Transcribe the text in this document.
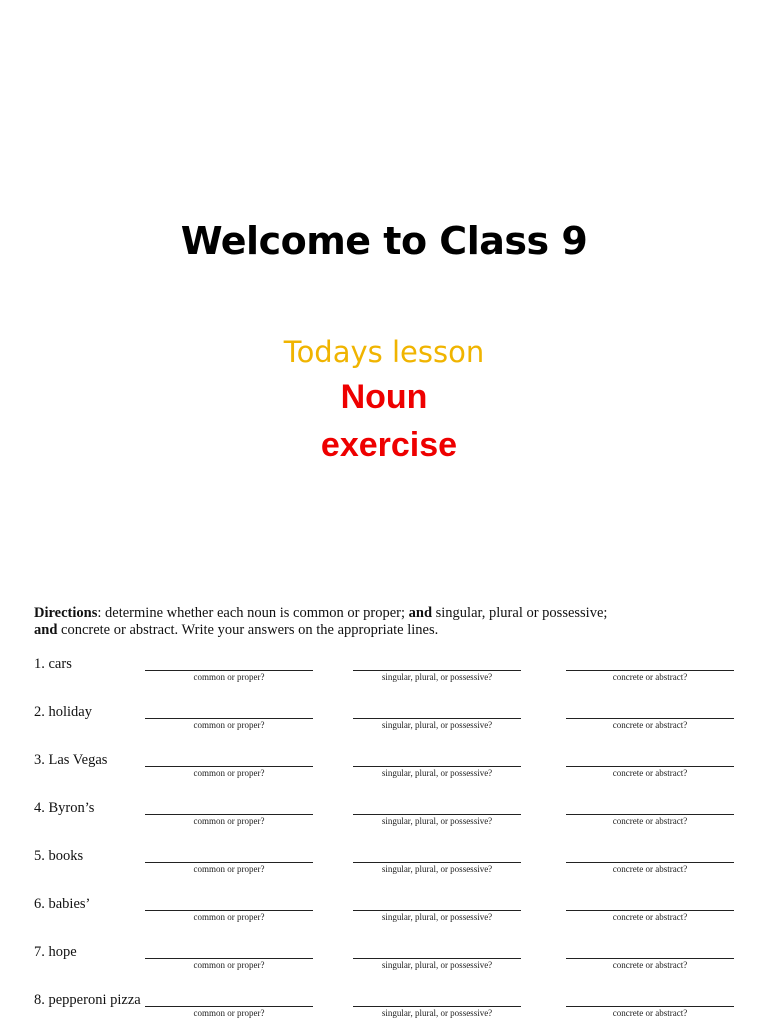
Welcome to Class 9
Todays lesson
Noun
exercise
Directions: determine whether each noun is common or proper; and singular, plural or possessive;
and concrete or abstract. Write your answers on the appropriate lines.
1. cars
common or proper?	singular, plural, or possessive?	concrete or abstract?
2. holiday
common or proper?	singular, plural, or possessive?	concrete or abstract?
3. Las Vegas
common or proper?	singular, plural, or possessive?	concrete or abstract?
4. Byron’s
common or proper?	singular, plural, or possessive?	concrete or abstract?
5. books
common or proper?	singular, plural, or possessive?	concrete or abstract?
6. babies’
common or proper?	singular, plural, or possessive?	concrete or abstract?
7. hope
common or proper?	singular, plural, or possessive?	concrete or abstract?
8. pepperoni pizza
common or proper?	singular, plural, or possessive?	concrete or abstract?
